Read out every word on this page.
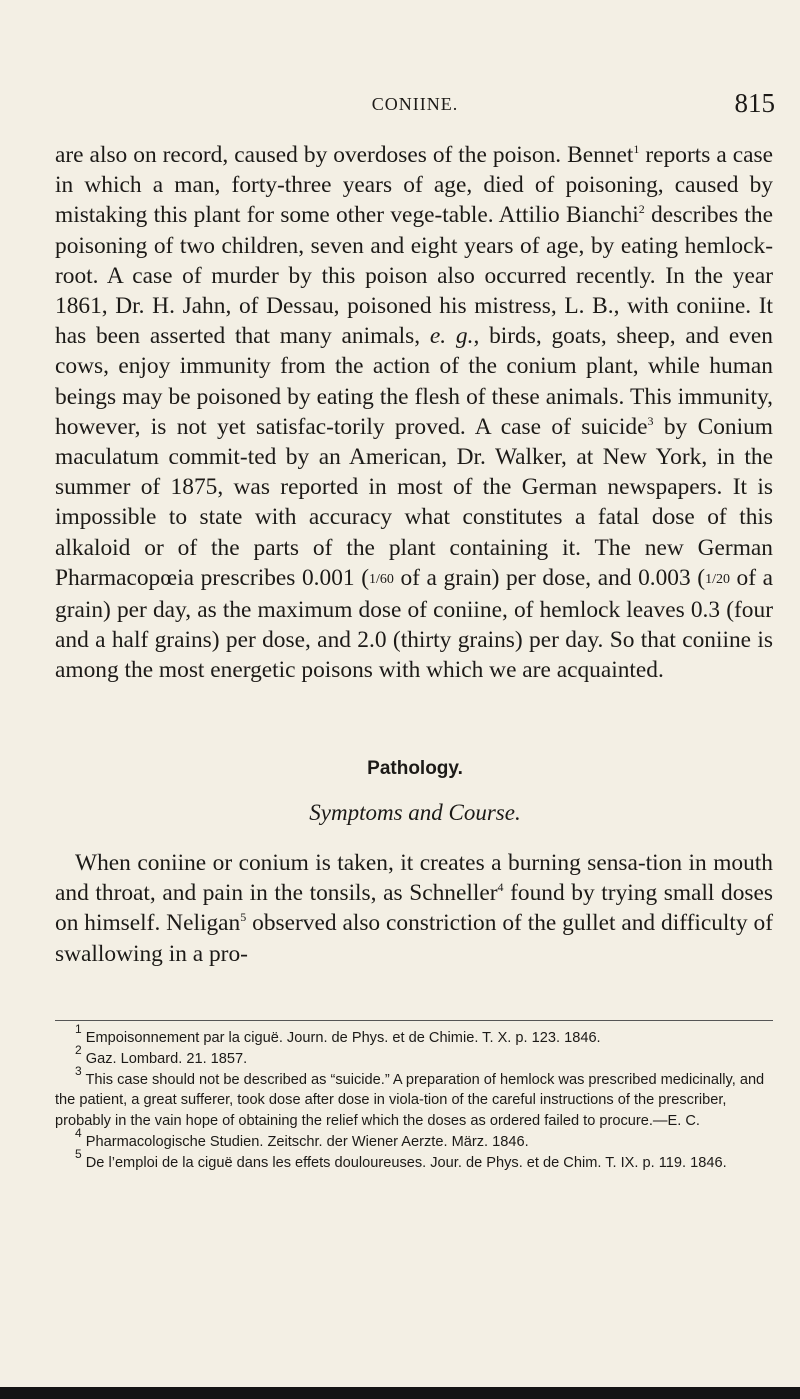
CONIINE.	815

are also on record, caused by overdoses of the poison. Bennet$^1$ reports a case in which a man, forty-three years of age, died of poisoning, caused by mistaking this plant for some other vege-table. Attilio Bianchi$^2$ describes the poisoning of two children, seven and eight years of age, by eating hemlock-root. A case of murder by this poison also occurred recently. In the year 1861, Dr. H. Jahn, of Dessau, poisoned his mistress, L. B., with coniine. It has been asserted that many animals, e. g., birds, goats, sheep, and even cows, enjoy immunity from the action of the conium plant, while human beings may be poisoned by eating the flesh of these animals. This immunity, however, is not yet satisfac-torily proved. A case of suicide$^3$ by Conium maculatum commit-ted by an American, Dr. Walker, at New York, in the summer of 1875, was reported in most of the German newspapers. It is impossible to state with accuracy what constitutes a fatal dose of this alkaloid or of the parts of the plant containing it. The new German Pharmacopœia prescribes 0.001 (1/60 of a grain) per dose, and 0.003 (1/20 of a grain) per day, as the maximum dose of coniine, of hemlock leaves 0.3 (four and a half grains) per dose, and 2.0 (thirty grains) per day. So that coniine is among the most energetic poisons with which we are acquainted.

Pathology.
Symptoms and Course.

When coniine or conium is taken, it creates a burning sensa-tion in mouth and throat, and pain in the tonsils, as Schneller$^4$ found by trying small doses on himself. Neligan$^5$ observed also constriction of the gullet and difficulty of swallowing in a pro-

$^1$ Empoisonnement par la ciguë. Journ. de Phys. et de Chimie. T. X. p. 123. 1846.

$^2$ Gaz. Lombard. 21. 1857.

$^3$ This case should not be described as “suicide.” A preparation of hemlock was prescribed medicinally, and the patient, a great sufferer, took dose after dose in viola-tion of the careful instructions of the prescriber, probably in the vain hope of obtaining the relief which the doses as ordered failed to procure.—E. C.

$^4$ Pharmacologische Studien. Zeitschr. der Wiener Aerzte. März. 1846.

$^5$ De l’emploi de la ciguë dans les effets douloureuses. Jour. de Phys. et de Chim. T. IX. p. 119. 1846.
